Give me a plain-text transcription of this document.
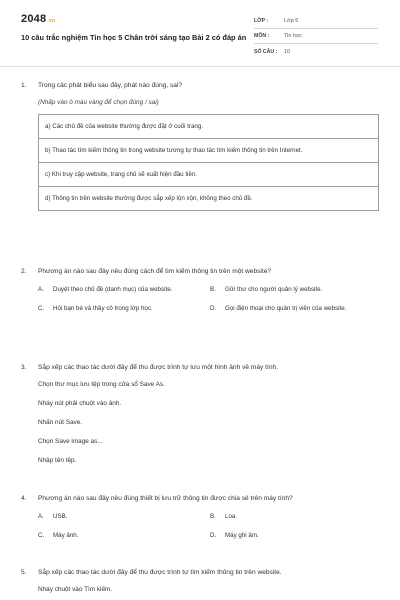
2048.vn
10 câu trắc nghiệm Tin học 5 Chân trời sáng tạo Bài 2 có đáp án
LỚP :	Lớp 5
MÔN :	Tin học
SỐ CÂU :	10
1.	Trong các phát biểu sau đây, phát nào đúng, sai?
(Nhấp vào ô màu vàng để chọn đúng / sai)
a) Các chủ đề của website thường được đặt ở cuối trang.
b) Thao tác tìm kiếm thông tin trong website tương tự thao tác tìm kiếm thông tin trên Internet.
c) Khi truy cập website, trang chủ sẽ xuất hiện đầu tiên.
d) Thông tin trên website thường được sắp xếp lộn xộn, không theo chủ đề.
2.	Phương án nào sau đây nêu đúng cách để tìm kiếm thông tin trên một website?
A.	Duyệt theo chủ đề (danh mục) của website.	B.	Gửi thư cho người quản lý website.
C.	Hỏi bạn bè và thầy cô trong lớp học.	D.	Gọi điện thoại cho quản trị viên của website.
3.	Sắp xếp các thao tác dưới đây để thu được trình tự lưu một hình ảnh về máy tính.
Chọn thư mục lưu tệp trong cửa sổ Save As.
Nháy nút phải chuột vào ảnh.
Nhấn nút Save.
Chọn Save image as...
Nhập tên tệp.
4.	Phương án nào sau đây nêu đúng thiết bị lưu trữ thông tin được chia sẻ trên máy tính?
A.	USB.	B.	Loa.
C.	Máy ảnh.	D.	Máy ghi âm.
5.	Sắp xếp các thao tác dưới đây để thu được trình tự tìm kiếm thông tin trên website.
Nháy chuột vào Tìm kiếm.
